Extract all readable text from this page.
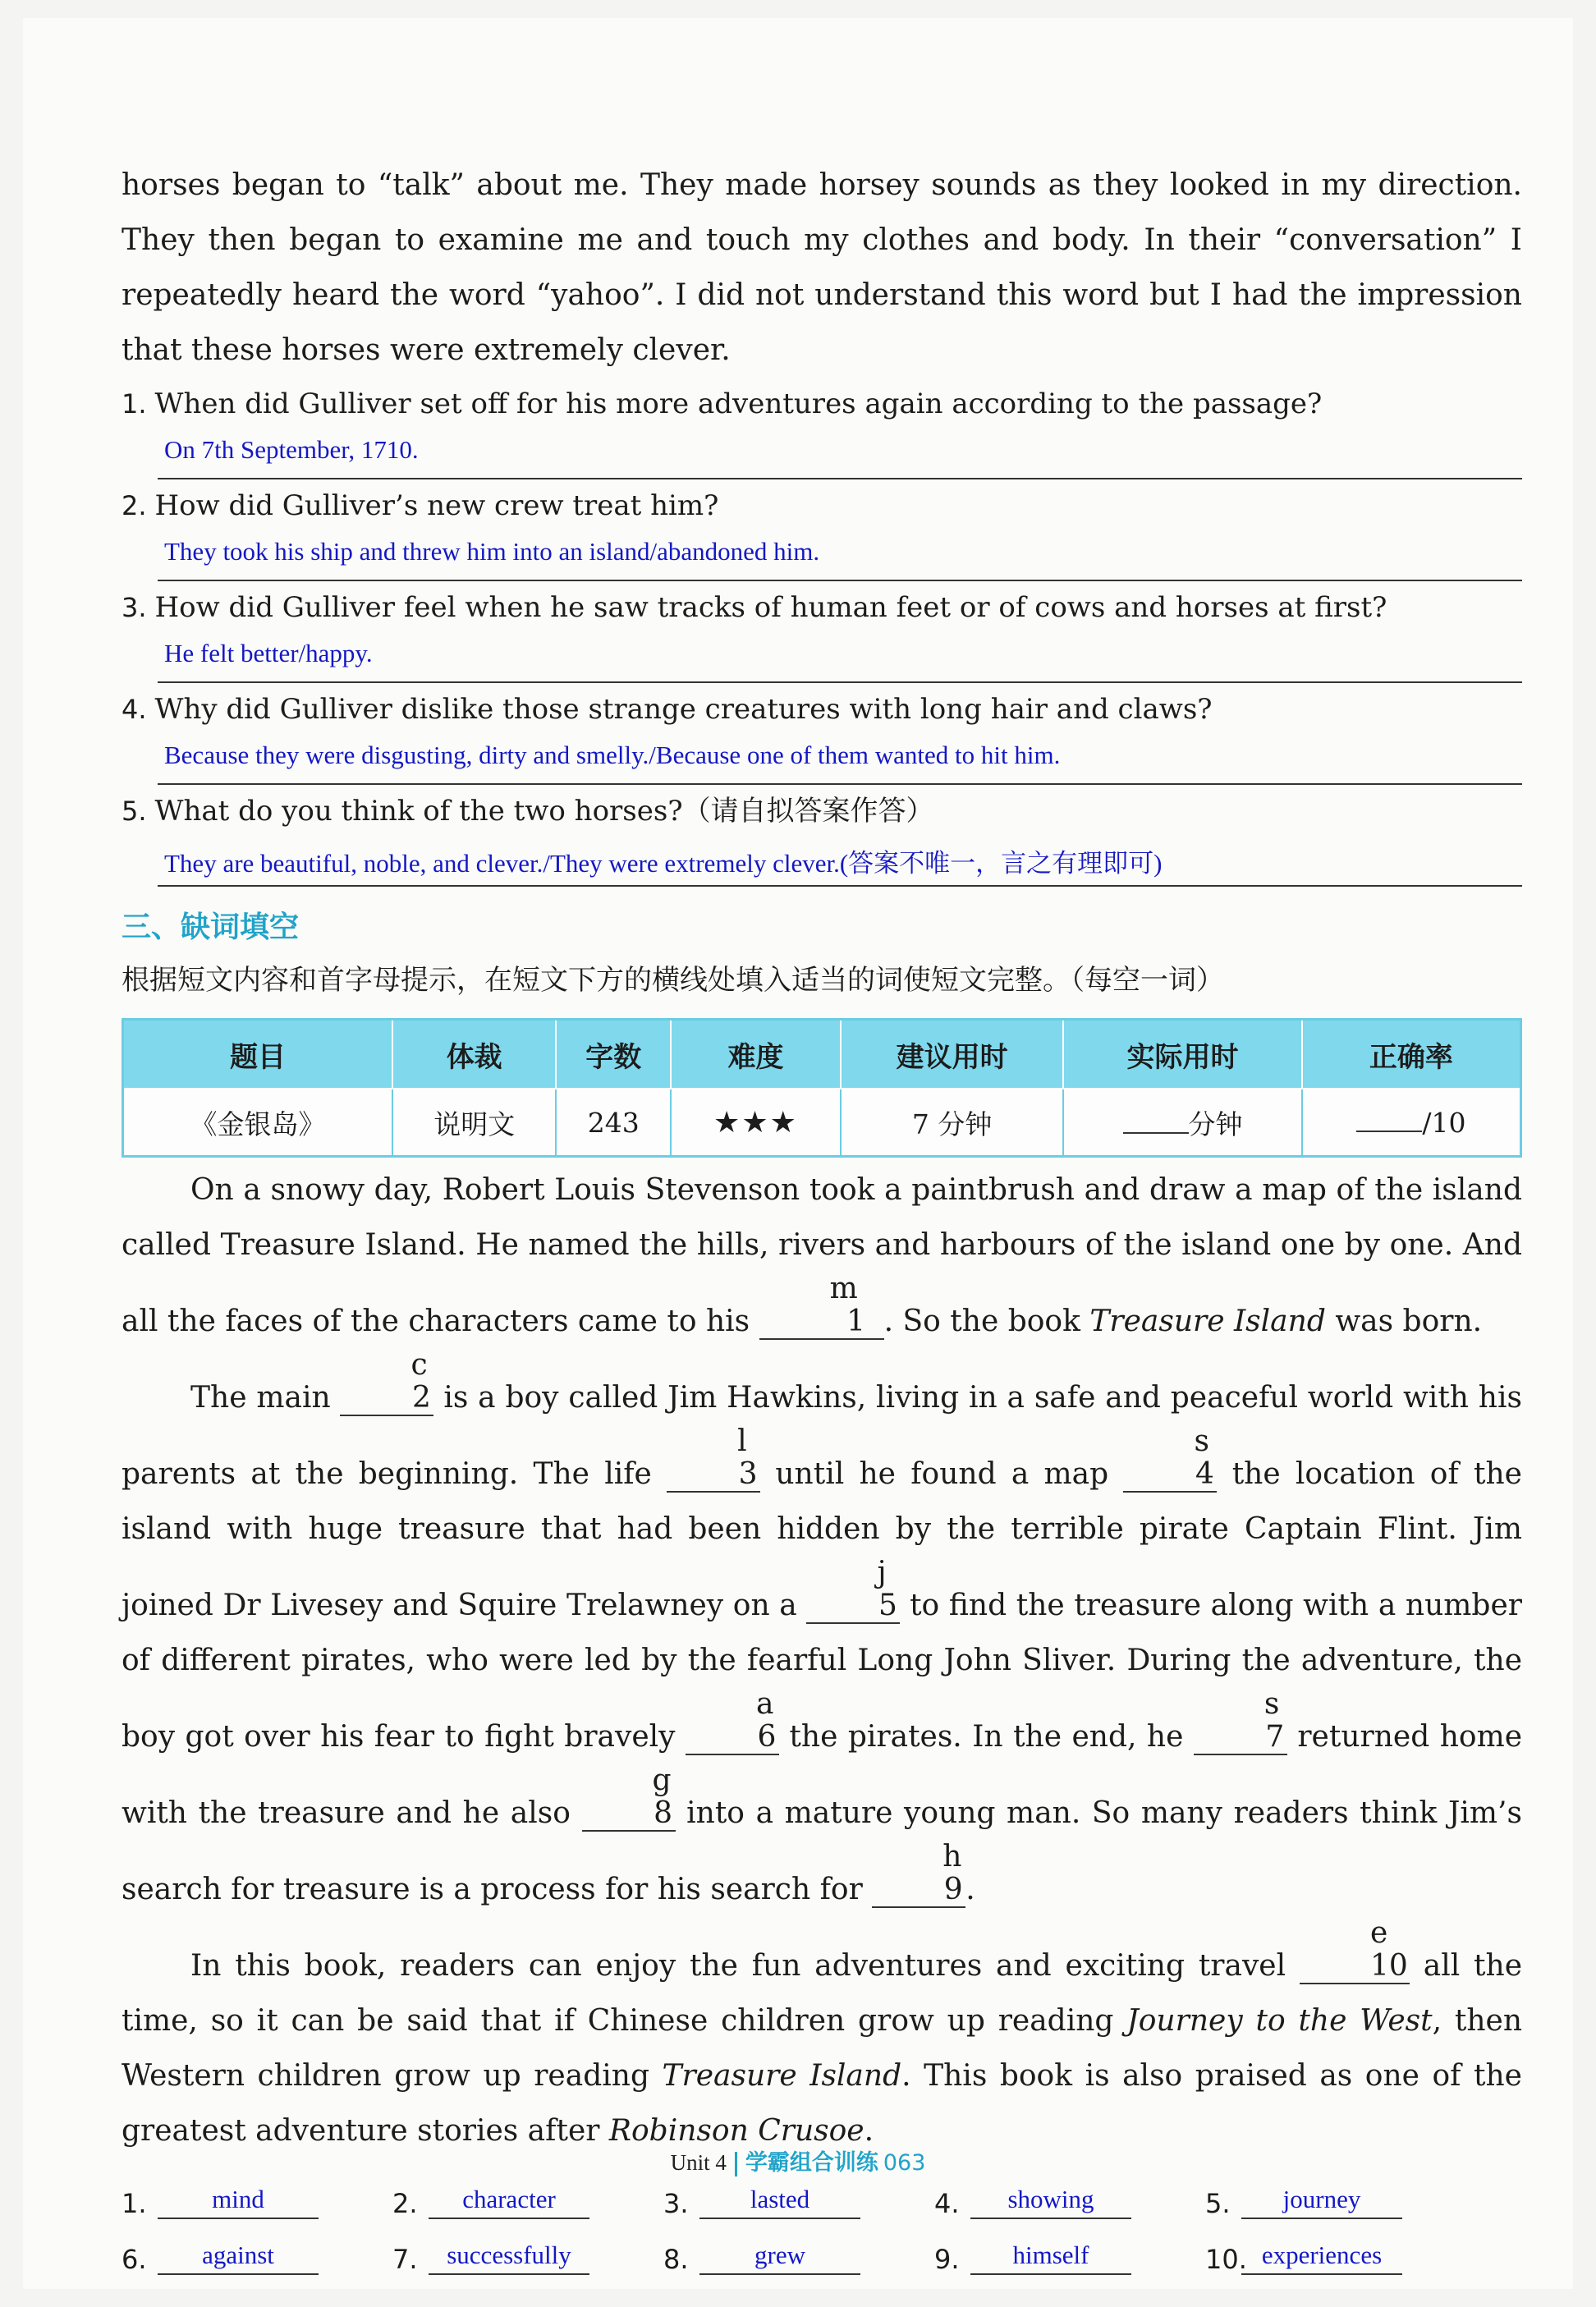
horses began to “talk” about me. They made horsey sounds as they looked in my direction. They then began to examine me and touch my clothes and body. In their “conversation” I repeatedly heard the word “yahoo”. I did not understand this word but I had the impression that these horses were extremely clever.

1. When did Gulliver set off for his more adventures again according to the passage?

On 7th September, 1710.

2. How did Gulliver’s new crew treat him?

They took his ship and threw him into an island/abandoned him.

3. How did Gulliver feel when he saw tracks of human feet or of cows and horses at first?

He felt better/happy.

4. Why did Gulliver dislike those strange creatures with long hair and claws?

Because they were disgusting, dirty and smelly./Because one of them wanted to hit him.

5. What do you think of the two horses?（请自拟答案作答）

They are beautiful, noble, and clever./They were extremely clever.(答案不唯一，言之有理即可)
三、缺词填空

根据短文内容和首字母提示，在短文下方的横线处填入适当的词使短文完整。（每空一词）

题目	体裁	字数	难度	建议用时	实际用时	正确率
《金银岛》	说明文	243	★★★	7 分钟	分钟	/10

On a snowy day, Robert Louis Stevenson took a paintbrush and draw a map of the island called Treasure Island. He named the hills, rivers and harbours of the island one by one. And all the faces of the characters came to his
m
1 . So the book Treasure Island was born.

The main
c
2 is a boy called Jim Hawkins, living in a safe and peaceful world with his parents at the beginning. The life
l
3 until he found a map
s
4 the location of the island with huge treasure that had been hidden by the terrible pirate Captain Flint. Jim joined Dr Livesey and Squire Trelawney on a
j
5 to find the treasure along with a number of different pirates, who were led by the fearful Long John Sliver. During the adventure, the boy got over his fear to fight bravely
a
6 the pirates. In the end, he
s
7 returned home with the treasure and he also
g
8 into a mature young man. So many readers think Jim’s search for treasure is a process for his search for
h
9.

In this book, readers can enjoy the fun adventures and exciting travel
e
10 all the time, so it can be said that if Chinese children grow up reading Journey to the West, then Western children grow up reading Treasure Island. This book is also praised as one of the greatest adventure stories after Robinson Crusoe.

1.	mind	2.	character	3.	lasted	4.	showing	5.	journey
6.	against	7.	successfully	8.	grew	9.	himself	10. experiences
Unit 4 学霸组合训练 063
